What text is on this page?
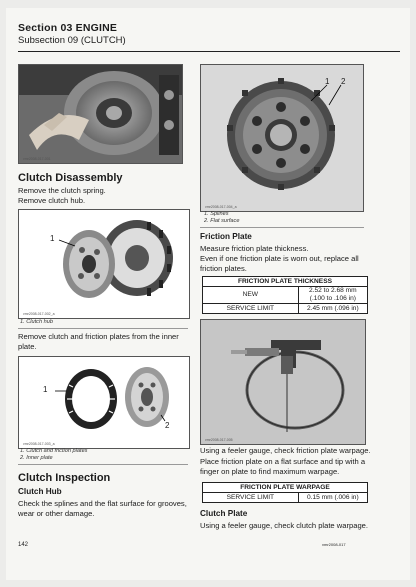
Section 03 ENGINE
Subsection 09 (CLUTCH)
vmr2008-017-001
Clutch Disassembly
Remove the clutch spring.
Remove clutch hub.
1
vmr2008-017-002_a
1. Clutch hub
Remove clutch and friction plates from the inner plate.
1
2
vmr2008-017-003_a
1. Clutch and friction plates
2. Inner plate
Clutch Inspection
Clutch Hub
Check the splines and the flat surface for grooves, wear or other damage.
1 2
vmr2008-017-004_a
1. Splines
2. Flat surface
Friction Plate
Measure friction plate thickness.
Even if one friction plate is worn out, replace all friction plates.
FRICTION PLATE THICKNESS	
NEW	2.52 to 2.68 mm
(.100 to .106 in)

SERVICE LIMIT	2.45 mm (.096 in)
vmr2008-017-005
Using a feeler gauge, check friction plate warpage.
Place friction plate on a flat surface and tip with a finger on plate to find maximum warpage.
FRICTION PLATE WARPAGE
SERVICE LIMIT	0.15 mm (.006 in)
Clutch Plate
Using a feeler gauge, check clutch plate warpage.
142	vmr2008-017
